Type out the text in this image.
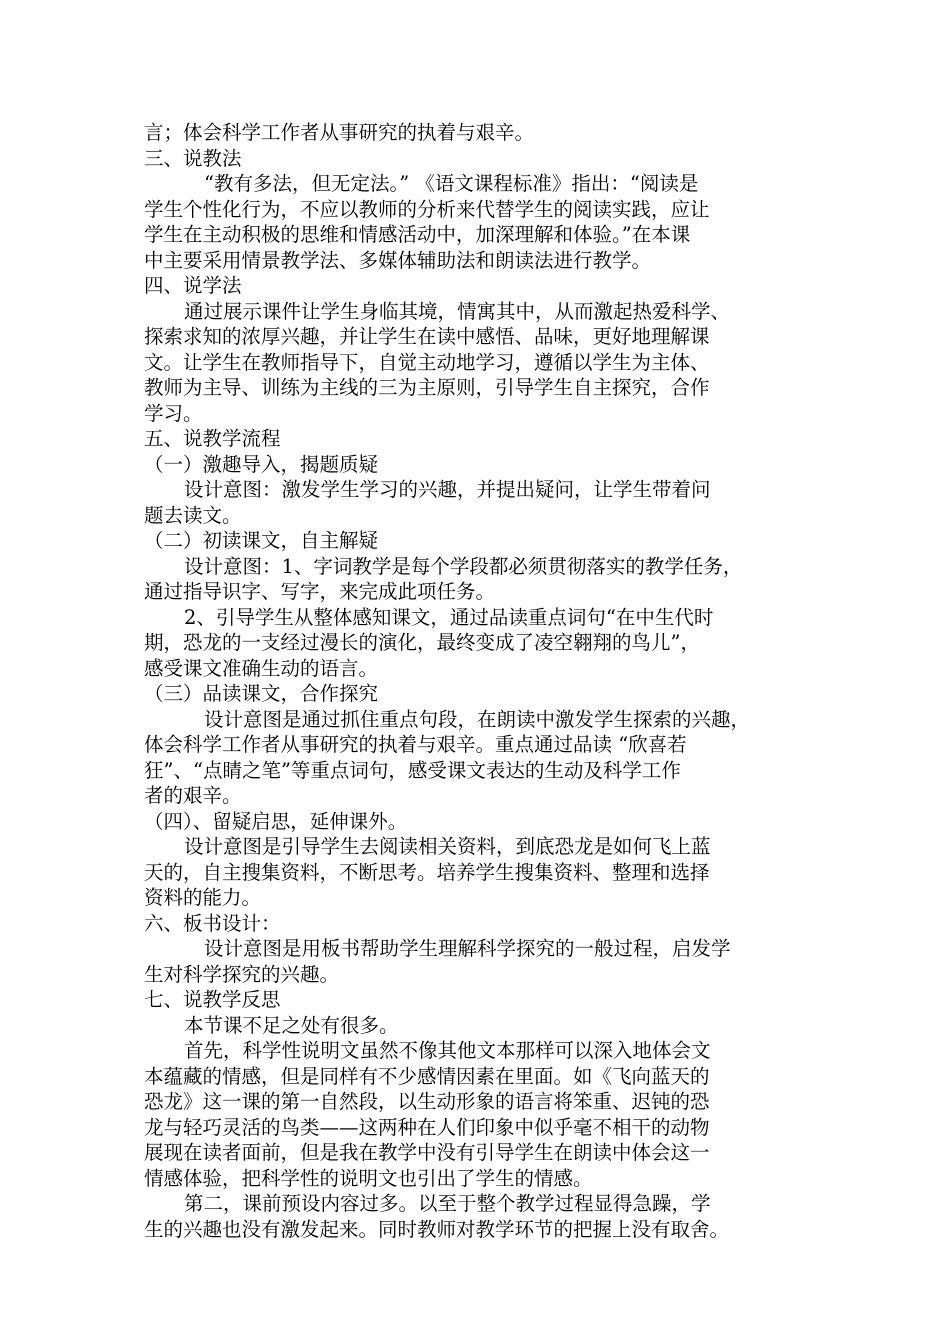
言；体会科学工作者从事研究的执着与艰辛。
三、说教法
“教有多法，但无定法。” 《语文课程标准》指出：“阅读是
学生个性化行为，不应以教师的分析来代替学生的阅读实践，应让
学生在主动积极的思维和情感活动中，加深理解和体验。”在本课
中主要采用情景教学法、多媒体辅助法和朗读法进行教学。
四、说学法
通过展示课件让学生身临其境，情寓其中，从而激起热爱科学、
探索求知的浓厚兴趣，并让学生在读中感悟、品味，更好地理解课
文。让学生在教师指导下，自觉主动地学习，遵循以学生为主体、
教师为主导、训练为主线的三为主原则，引导学生自主探究，合作
学习。
五、说教学流程
（一）激趣导入，揭题质疑
设计意图：激发学生学习的兴趣，并提出疑问，让学生带着问
题去读文。
（二）初读课文，自主解疑
设计意图：1、字词教学是每个学段都必须贯彻落实的教学任务，
通过指导识字、写字，来完成此项任务。
2、引导学生从整体感知课文，通过品读重点词句“在中生代时
期，恐龙的一支经过漫长的演化，最终变成了凌空翱翔的鸟儿”，
感受课文准确生动的语言。
（三）品读课文，合作探究
设计意图是通过抓住重点句段，在朗读中激发学生探索的兴趣，
体会科学工作者从事研究的执着与艰辛。重点通过品读 “欣喜若
狂”、“点睛之笔”等重点词句，感受课文表达的生动及科学工作
者的艰辛。
（四）、留疑启思，延伸课外。
设计意图是引导学生去阅读相关资料，到底恐龙是如何飞上蓝
天的，自主搜集资料，不断思考。培养学生搜集资料、整理和选择
资料的能力。
六、板书设计：
设计意图是用板书帮助学生理解科学探究的一般过程，启发学
生对科学探究的兴趣。
七、说教学反思
本节课不足之处有很多。
首先，科学性说明文虽然不像其他文本那样可以深入地体会文
本蕴藏的情感，但是同样有不少感情因素在里面。如《飞向蓝天的
恐龙》这一课的第一自然段，以生动形象的语言将笨重、迟钝的恐
龙与轻巧灵活的鸟类——这两种在人们印象中似乎毫不相干的动物
展现在读者面前，但是我在教学中没有引导学生在朗读中体会这一
情感体验，把科学性的说明文也引出了学生的情感。
第二，课前预设内容过多。以至于整个教学过程显得急躁，学
生的兴趣也没有激发起来。同时教师对教学环节的把握上没有取舍。
